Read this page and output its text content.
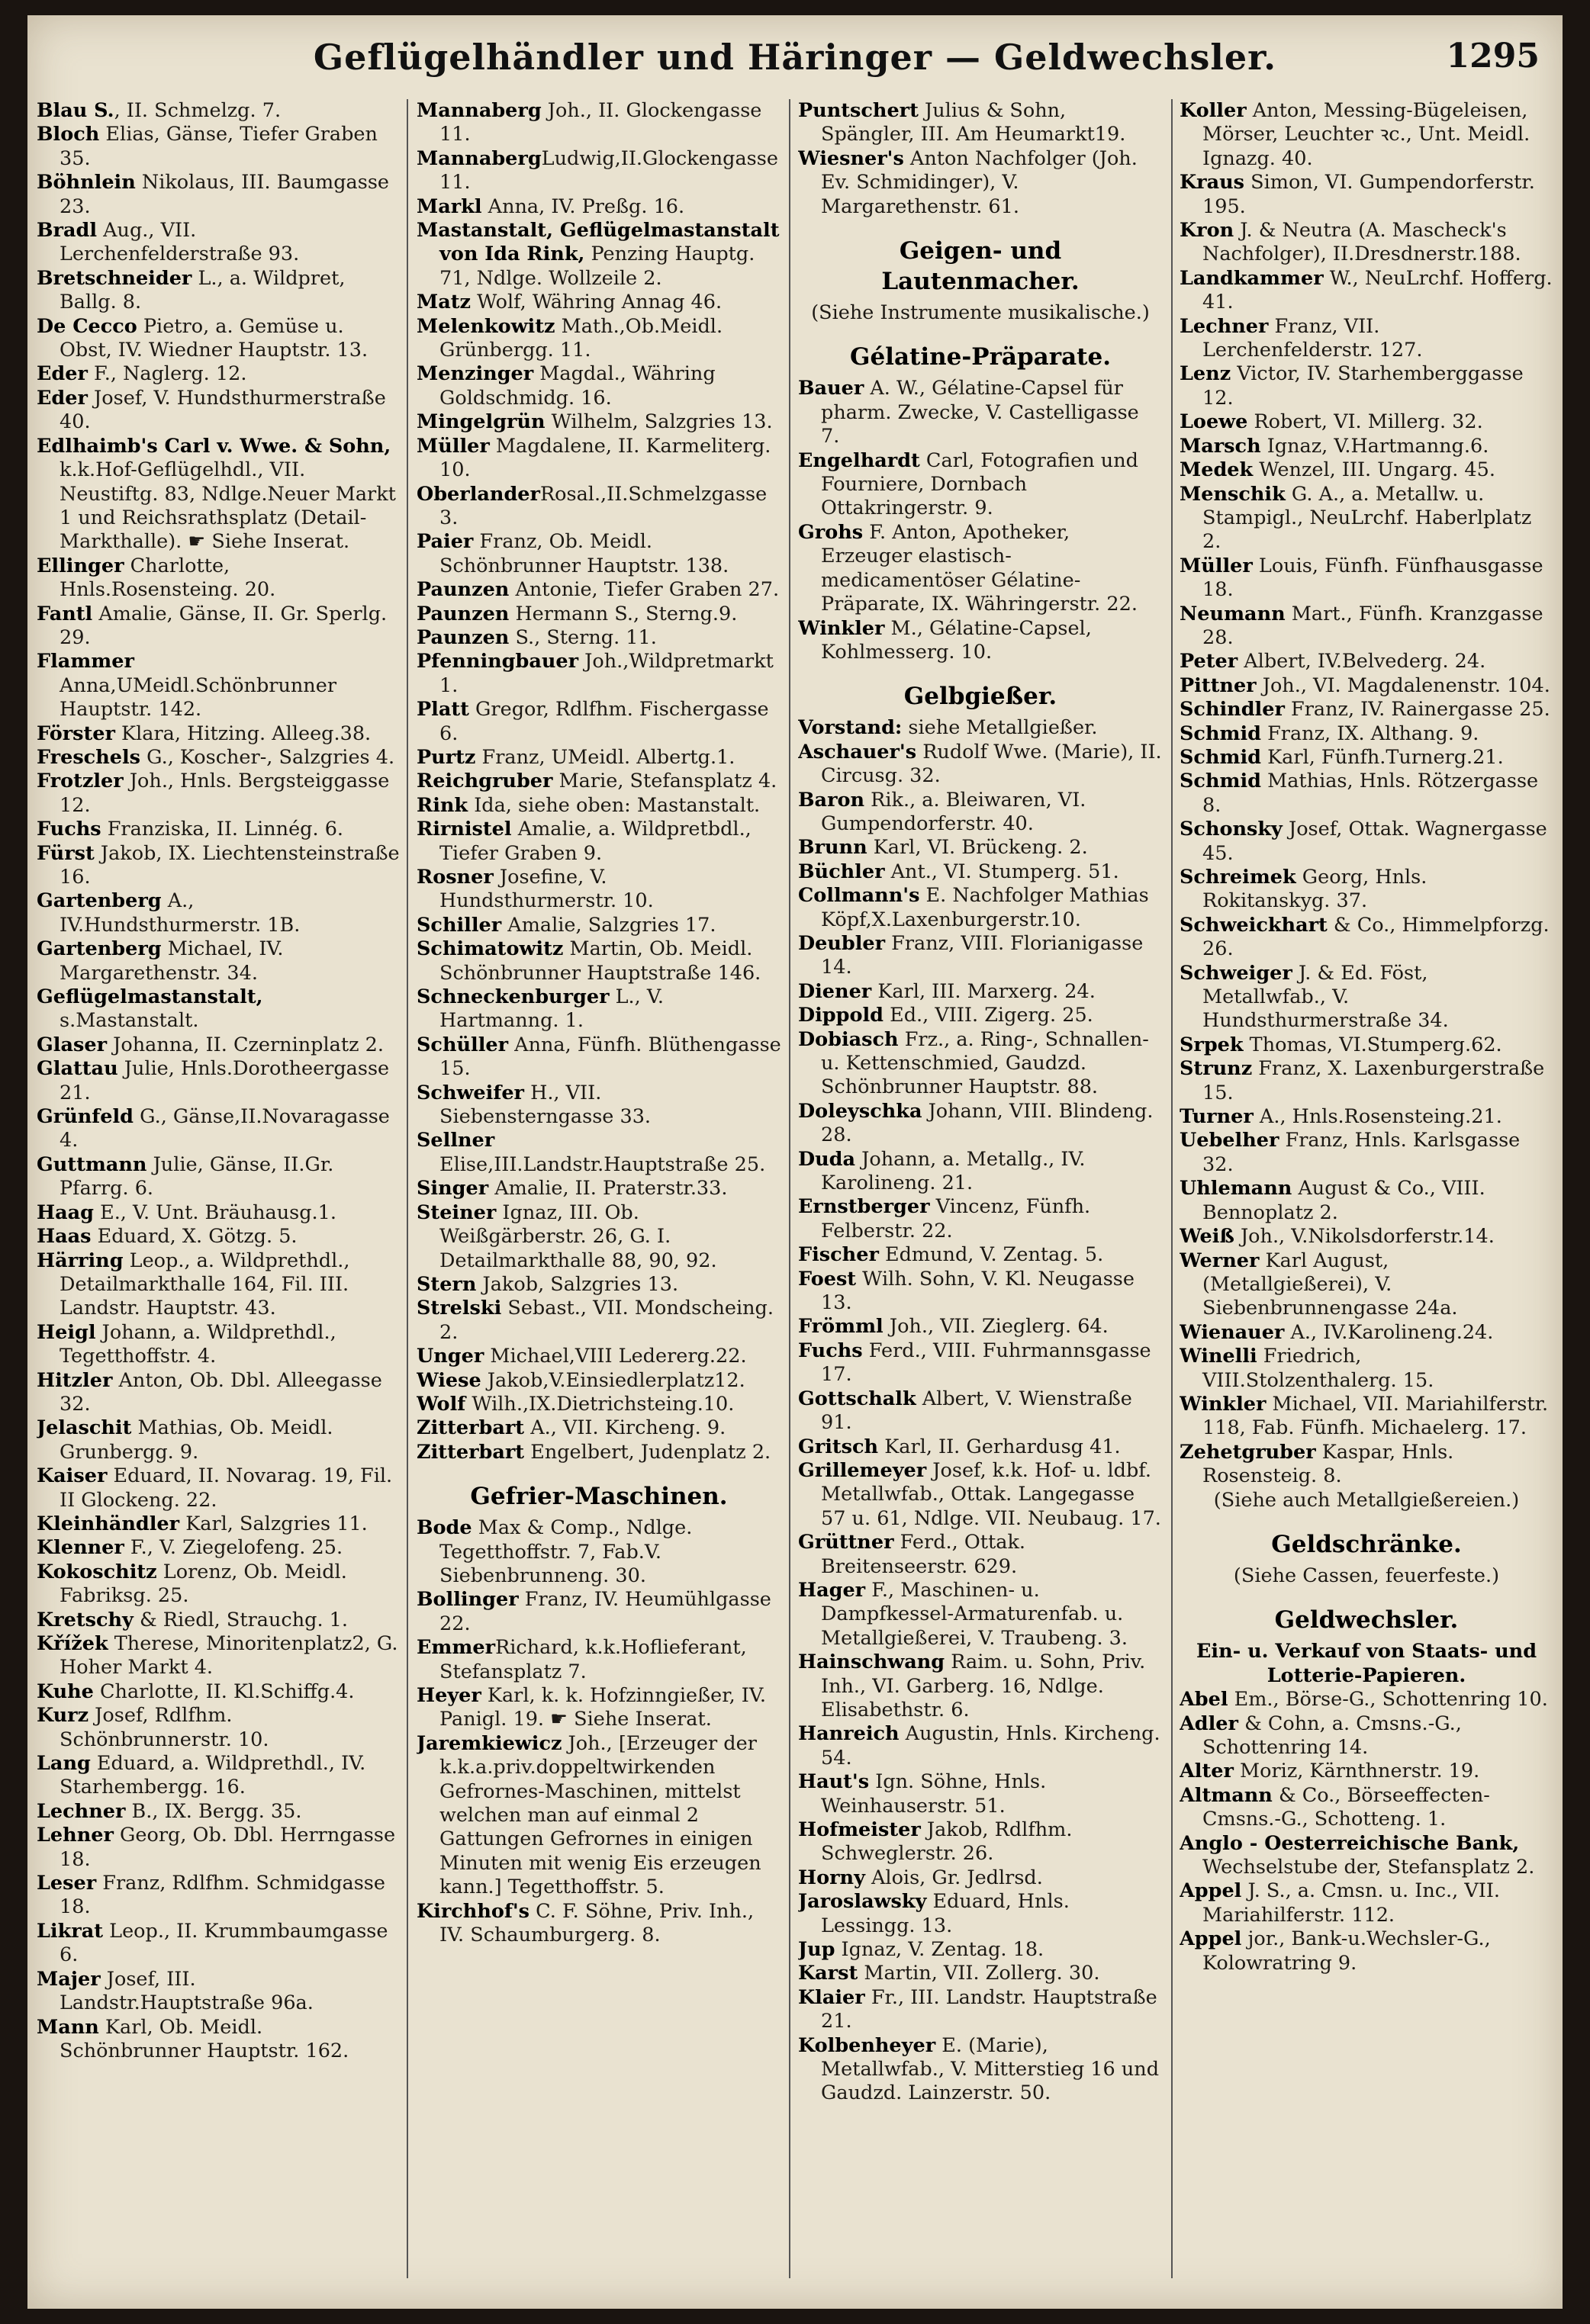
Geflügelhändler und Häringer — Geldwechsler.	1295

Blau S., II. Schmelzg. 7.

Bloch Elias, Gänse, Tiefer Graben 35.

Böhnlein Nikolaus, III. Baumgasse 23.

Bradl Aug., VII. Lerchenfelderstraße 93.

Bretschneider L., a. Wildpret, Ballg. 8.

De Cecco Pietro, a. Gemüse u. Obst, IV. Wiedner Hauptstr. 13.

Eder F., Naglerg. 12.

Eder Josef, V. Hundsthurmerstraße 40.

Edlhaimb's Carl v. Wwe. & Sohn, k.k.Hof-Geflügelhdl., VII. Neustiftg. 83, Ndlge.Neuer Markt 1 und Reichsrathsplatz (Detail-Markthalle). ☛ Siehe Inserat.

Ellinger Charlotte, Hnls.Rosensteing. 20.

Fantl Amalie, Gänse, II. Gr. Sperlg. 29.

Flammer Anna,UMeidl.Schönbrunner Hauptstr. 142.

Förster Klara, Hitzing. Alleeg.38.

Freschels G., Koscher-, Salzgries 4.

Frotzler Joh., Hnls. Bergsteiggasse 12.

Fuchs Franziska, II. Linnég. 6.

Fürst Jakob, IX. Liechtensteinstraße 16.

Gartenberg A., IV.Hundsthurmerstr. 1B.

Gartenberg Michael, IV. Margarethenstr. 34.

Geflügelmastanstalt, s.Mastanstalt.

Glaser Johanna, II. Czerninplatz 2.

Glattau Julie, Hnls.Dorotheergasse 21.

Grünfeld G., Gänse,II.Novaragasse 4.

Guttmann Julie, Gänse, II.Gr. Pfarrg. 6.

Haag E., V. Unt. Bräuhausg.1.

Haas Eduard, X. Götzg. 5.

Härring Leop., a. Wildprethdl., Detailmarkthalle 164, Fil. III. Landstr. Hauptstr. 43.

Heigl Johann, a. Wildprethdl., Tegetthoffstr. 4.

Hitzler Anton, Ob. Dbl. Alleegasse 32.

Jelaschit Mathias, Ob. Meidl. Grunbergg. 9.

Kaiser Eduard, II. Novarag. 19, Fil. II Glockeng. 22.

Kleinhändler Karl, Salzgries 11.

Klenner F., V. Ziegelofeng. 25.

Kokoschitz Lorenz, Ob. Meidl. Fabriksg. 25.

Kretschy & Riedl, Strauchg. 1.

Křížek Therese, Minoritenplatz2, G. Hoher Markt 4.

Kuhe Charlotte, II. Kl.Schiffg.4.

Kurz Josef, Rdlfhm. Schönbrunnerstr. 10.

Lang Eduard, a. Wildprethdl., IV. Starhembergg. 16.

Lechner B., IX. Bergg. 35.

Lehner Georg, Ob. Dbl. Herrngasse 18.

Leser Franz, Rdlfhm. Schmidgasse 18.

Likrat Leop., II. Krummbaumgasse 6.

Majer Josef, III. Landstr.Hauptstraße 96a.

Mann Karl, Ob. Meidl. Schönbrunner Hauptstr. 162.

Mannaberg Joh., II. Glockengasse 11.

MannabergLudwig,II.Glockengasse 11.

Markl Anna, IV. Preßg. 16.

Mastanstalt, Geflügelmastanstalt von Ida Rink, Penzing Hauptg. 71, Ndlge. Wollzeile 2.

Matz Wolf, Währing Annag 46.

Melenkowitz Math.,Ob.Meidl. Grünbergg. 11.

Menzinger Magdal., Währing Goldschmidg. 16.

Mingelgrün Wilhelm, Salzgries 13.

Müller Magdalene, II. Karmeliterg. 10.

OberlanderRosal.,II.Schmelzgasse 3.

Paier Franz, Ob. Meidl. Schönbrunner Hauptstr. 138.

Paunzen Antonie, Tiefer Graben 27.

Paunzen Hermann S., Sterng.9.

Paunzen S., Sterng. 11.

Pfenningbauer Joh.,Wildpretmarkt 1.

Platt Gregor, Rdlfhm. Fischergasse 6.

Purtz Franz, UMeidl. Albertg.1.

Reichgruber Marie, Stefansplatz 4.

Rink Ida, siehe oben: Mastanstalt.

Rirnistel Amalie, a. Wildpretbdl., Tiefer Graben 9.

Rosner Josefine, V. Hundsthurmerstr. 10.

Schiller Amalie, Salzgries 17.

Schimatowitz Martin, Ob. Meidl. Schönbrunner Hauptstraße 146.

Schneckenburger L., V. Hartmanng. 1.

Schüller Anna, Fünfh. Blüthengasse 15.

Schweifer H., VII. Siebensterngasse 33.

Sellner Elise,III.Landstr.Hauptstraße 25.

Singer Amalie, II. Praterstr.33.

Steiner Ignaz, III. Ob. Weißgärberstr. 26, G. I. Detailmarkthalle 88, 90, 92.

Stern Jakob, Salzgries 13.

Strelski Sebast., VII. Mondscheing. 2.

Unger Michael,VIII Ledererg.22.

Wiese Jakob,V.Einsiedlerplatz12.

Wolf Wilh.,IX.Dietrichsteing.10.

Zitterbart A., VII. Kircheng. 9.

Zitterbart Engelbert, Judenplatz 2.

Gefrier-Maschinen.

Bode Max & Comp., Ndlge. Tegetthoffstr. 7, Fab.V. Siebenbrunneng. 30.

Bollinger Franz, IV. Heumühlgasse 22.

EmmerRichard, k.k.Hoflieferant, Stefansplatz 7.

Heyer Karl, k. k. Hofzinngießer, IV. Panigl. 19. ☛ Siehe Inserat.

Jaremkiewicz Joh., [Erzeuger der k.k.a.priv.doppeltwirkenden Gefrornes-Maschinen, mittelst welchen man auf einmal 2 Gattungen Gefrornes in einigen Minuten mit wenig Eis erzeugen kann.] Tegetthoffstr. 5.

Kirchhof's C. F. Söhne, Priv. Inh., IV. Schaumburgerg. 8.

Puntschert Julius & Sohn, Spängler, III. Am Heumarkt19.

Wiesner's Anton Nachfolger (Joh. Ev. Schmidinger), V. Margarethenstr. 61.

Geigen- und Lautenmacher.
(Siehe Instrumente musikalische.)
Gélatine-Präparate.

Bauer A. W., Gélatine-Capsel für pharm. Zwecke, V. Castelligasse 7.

Engelhardt Carl, Fotografien und Fourniere, Dornbach Ottakringerstr. 9.

Grohs F. Anton, Apotheker, Erzeuger elastisch- medicamentöser Gélatine-Präparate, IX. Währingerstr. 22.

Winkler M., Gélatine-Capsel, Kohlmesserg. 10.

Gelbgießer.

Vorstand: siehe Metallgießer.

Aschauer's Rudolf Wwe. (Marie), II. Circusg. 32.

Baron Rik., a. Bleiwaren, VI. Gumpendorferstr. 40.

Brunn Karl, VI. Brückeng. 2.

Büchler Ant., VI. Stumperg. 51.

Collmann's E. Nachfolger Mathias Köpf,X.Laxenburgerstr.10.

Deubler Franz, VIII. Florianigasse 14.

Diener Karl, III. Marxerg. 24.

Dippold Ed., VIII. Zigerg. 25.

Dobiasch Frz., a. Ring-, Schnallen- u. Kettenschmied, Gaudzd. Schönbrunner Hauptstr. 88.

Doleyschka Johann, VIII. Blindeng. 28.

Duda Johann, a. Metallg., IV. Karolineng. 21.

Ernstberger Vincenz, Fünfh. Felberstr. 22.

Fischer Edmund, V. Zentag. 5.

Foest Wilh. Sohn, V. Kl. Neugasse 13.

Frömml Joh., VII. Zieglerg. 64.

Fuchs Ferd., VIII. Fuhrmannsgasse 17.

Gottschalk Albert, V. Wienstraße 91.

Gritsch Karl, II. Gerhardusg 41.

Grillemeyer Josef, k.k. Hof- u. ldbf. Metallwfab., Ottak. Langegasse 57 u. 61, Ndlge. VII. Neubaug. 17.

Grüttner Ferd., Ottak. Breitenseerstr. 629.

Hager F., Maschinen- u. Dampfkessel-Armaturenfab. u. Metallgießerei, V. Traubeng. 3.

Hainschwang Raim. u. Sohn, Priv. Inh., VI. Garberg. 16, Ndlge. Elisabethstr. 6.

Hanreich Augustin, Hnls. Kircheng. 54.

Haut's Ign. Söhne, Hnls. Weinhauserstr. 51.

Hofmeister Jakob, Rdlfhm. Schweglerstr. 26.

Horny Alois, Gr. Jedlrsd.

Jaroslawsky Eduard, Hnls. Lessingg. 13.

Jup Ignaz, V. Zentag. 18.

Karst Martin, VII. Zollerg. 30.

Klaier Fr., III. Landstr. Hauptstraße 21.

Kolbenheyer E. (Marie), Metallwfab., V. Mitterstieg 16 und Gaudzd. Lainzerstr. 50.

Koller Anton, Messing-Bügeleisen, Mörser, Leuchter ꝛc., Unt. Meidl. Ignazg. 40.

Kraus Simon, VI. Gumpendorferstr. 195.

Kron J. & Neutra (A. Mascheck's Nachfolger), II.Dresdnerstr.188.

Landkammer W., NeuLrchf. Hofferg. 41.

Lechner Franz, VII. Lerchenfelderstr. 127.

Lenz Victor, IV. Starhemberggasse 12.

Loewe Robert, VI. Millerg. 32.

Marsch Ignaz, V.Hartmanng.6.

Medek Wenzel, III. Ungarg. 45.

Menschik G. A., a. Metallw. u. Stampigl., NeuLrchf. Haberlplatz 2.

Müller Louis, Fünfh. Fünfhausgasse 18.

Neumann Mart., Fünfh. Kranzgasse 28.

Peter Albert, IV.Belvederg. 24.

Pittner Joh., VI. Magdalenenstr. 104.

Schindler Franz, IV. Rainergasse 25.

Schmid Franz, IX. Althang. 9.

Schmid Karl, Fünfh.Turnerg.21.

Schmid Mathias, Hnls. Rötzergasse 8.

Schonsky Josef, Ottak. Wagnergasse 45.

Schreimek Georg, Hnls. Rokitanskyg. 37.

Schweickhart & Co., Himmelpforzg. 26.

Schweiger J. & Ed. Föst, Metallwfab., V. Hundsthurmerstraße 34.

Srpek Thomas, VI.Stumperg.62.

Strunz Franz, X. Laxenburgerstraße 15.

Turner A., Hnls.Rosensteing.21.

Uebelher Franz, Hnls. Karlsgasse 32.

Uhlemann August & Co., VIII. Bennoplatz 2.

Weiß Joh., V.Nikolsdorferstr.14.

Werner Karl August, (Metallgießerei), V. Siebenbrunnengasse 24a.

Wienauer A., IV.Karolineng.24.

Winelli Friedrich, VIII.Stolzenthalerg. 15.

Winkler Michael, VII. Mariahilferstr. 118, Fab. Fünfh. Michaelerg. 17.

Zehetgruber Kaspar, Hnls. Rosensteig. 8.

(Siehe auch Metallgießereien.)
Geldschränke.
(Siehe Cassen, feuerfeste.)
Geldwechsler.
Ein- u. Verkauf von Staats- und Lotterie-Papieren.

Abel Em., Börse-G., Schottenring 10.

Adler & Cohn, a. Cmsns.-G., Schottenring 14.

Alter Moriz, Kärnthnerstr. 19.

Altmann & Co., Börseeffecten-Cmsns.-G., Schotteng. 1.

Anglo - Oesterreichische Bank, Wechselstube der, Stefansplatz 2.

Appel J. S., a. Cmsn. u. Inc., VII. Mariahilferstr. 112.

Appel jor., Bank-u.Wechsler-G., Kolowratring 9.
